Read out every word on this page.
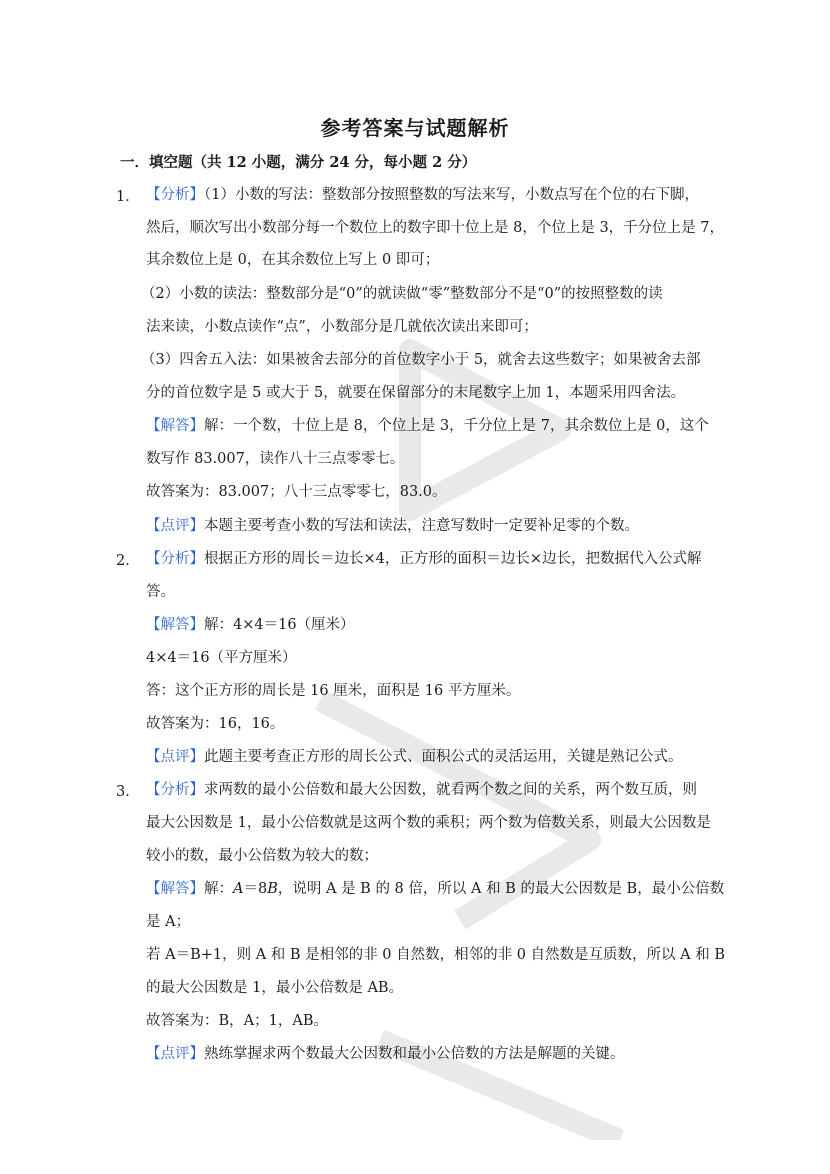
参考答案与试题解析
一．填空题（共 12 小题，满分 24 分，每小题 2 分）
1． 【分析】（1）小数的写法：整数部分按照整数的写法来写，小数点写在个位的右下脚，
然后，顺次写出小数部分每一个数位上的数字即十位上是 8，个位上是 3，千分位上是 7，
其余数位上是 0，在其余数位上写上 0 即可；
（2）小数的读法：整数部分是“0”的就读做“零”整数部分不是“0”的按照整数的读
法来读，小数点读作“点”，小数部分是几就依次读出来即可；
（3）四舍五入法：如果被舍去部分的首位数字小于 5，就舍去这些数字；如果被舍去部
分的首位数字是 5 或大于 5，就要在保留部分的末尾数字上加 1，本题采用四舍法。
【解答】解：一个数，十位上是 8，个位上是 3，千分位上是 7，其余数位上是 0，这个
数写作 83.007，读作八十三点零零七。
故答案为：83.007；八十三点零零七，83.0。
【点评】本题主要考查小数的写法和读法，注意写数时一定要补足零的个数。
2． 【分析】根据正方形的周长＝边长×4，正方形的面积＝边长×边长，把数据代入公式解
答。
【解答】解：4×4＝16（厘米）
4×4＝16（平方厘米）
答：这个正方形的周长是 16 厘米，面积是 16 平方厘米。
故答案为：16，16。
【点评】此题主要考查正方形的周长公式、面积公式的灵活运用，关键是熟记公式。
3． 【分析】求两数的最小公倍数和最大公因数，就看两个数之间的关系，两个数互质，则
最大公因数是 1，最小公倍数就是这两个数的乘积；两个数为倍数关系，则最大公因数是
较小的数，最小公倍数为较大的数；
【解答】解：A＝8B，说明 A 是 B 的 8 倍，所以 A 和 B 的最大公因数是 B，最小公倍数
是 A；
若 A＝B+1，则 A 和 B 是相邻的非 0 自然数，相邻的非 0 自然数是互质数，所以 A 和 B
的最大公因数是 1，最小公倍数是 AB。
故答案为：B，A；1，AB。
【点评】熟练掌握求两个数最大公因数和最小公倍数的方法是解题的关键。
